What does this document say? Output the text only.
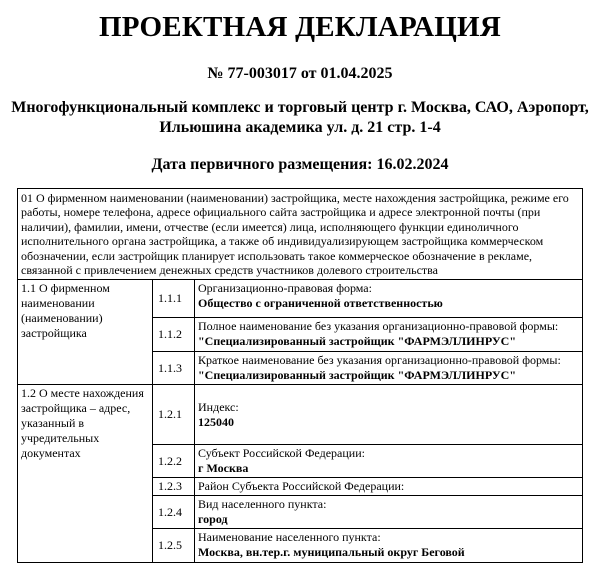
ПРОЕКТНАЯ ДЕКЛАРАЦИЯ
№ 77-003017 от 01.04.2025
Многофункциональный комплекс и торговый центр г. Москва, САО, Аэропорт,
Ильюшина академика ул. д. 21 стр. 1-4
Дата первичного размещения: 16.02.2024
01 О фирменном наименовании (наименовании) застройщика, месте нахождения застройщика, режиме его работы, номере телефона, адресе официального сайта застройщика и адресе электронной почты (при наличии), фамилии, имени, отчестве (если имеется) лица, исполняющего функции единоличного исполнительного органа застройщика, а также об индивидуализирующем застройщика коммерческом обозначении, если застройщик планирует использовать такое коммерческое обозначение в рекламе, связанной с привлечением денежных средств участников долевого строительства		
1.1 О фирменном наименовании (наименовании) застройщика	1.1.1	Организационно-правовая форма:
Общество с ограниченной ответственностью

	1.1.2	Полное наименование без указания организационно-правовой формы:
"Специализированный застройщик "ФАРМЭЛЛИНРУС"

	1.1.3	Краткое наименование без указания организационно-правовой формы:
"Специализированный застройщик "ФАРМЭЛЛИНРУС"

1.2 О месте нахождения застройщика – адрес, указанный в учредительных документах	1.2.1	Индекс:
125040

	1.2.2	Субъект Российской Федерации:
г Москва

	1.2.3	Район Субъекта Российской Федерации:

	1.2.4	Вид населенного пункта:
город

	1.2.5	Наименование населенного пункта:
Москва, вн.тер.г. муниципальный округ Беговой
